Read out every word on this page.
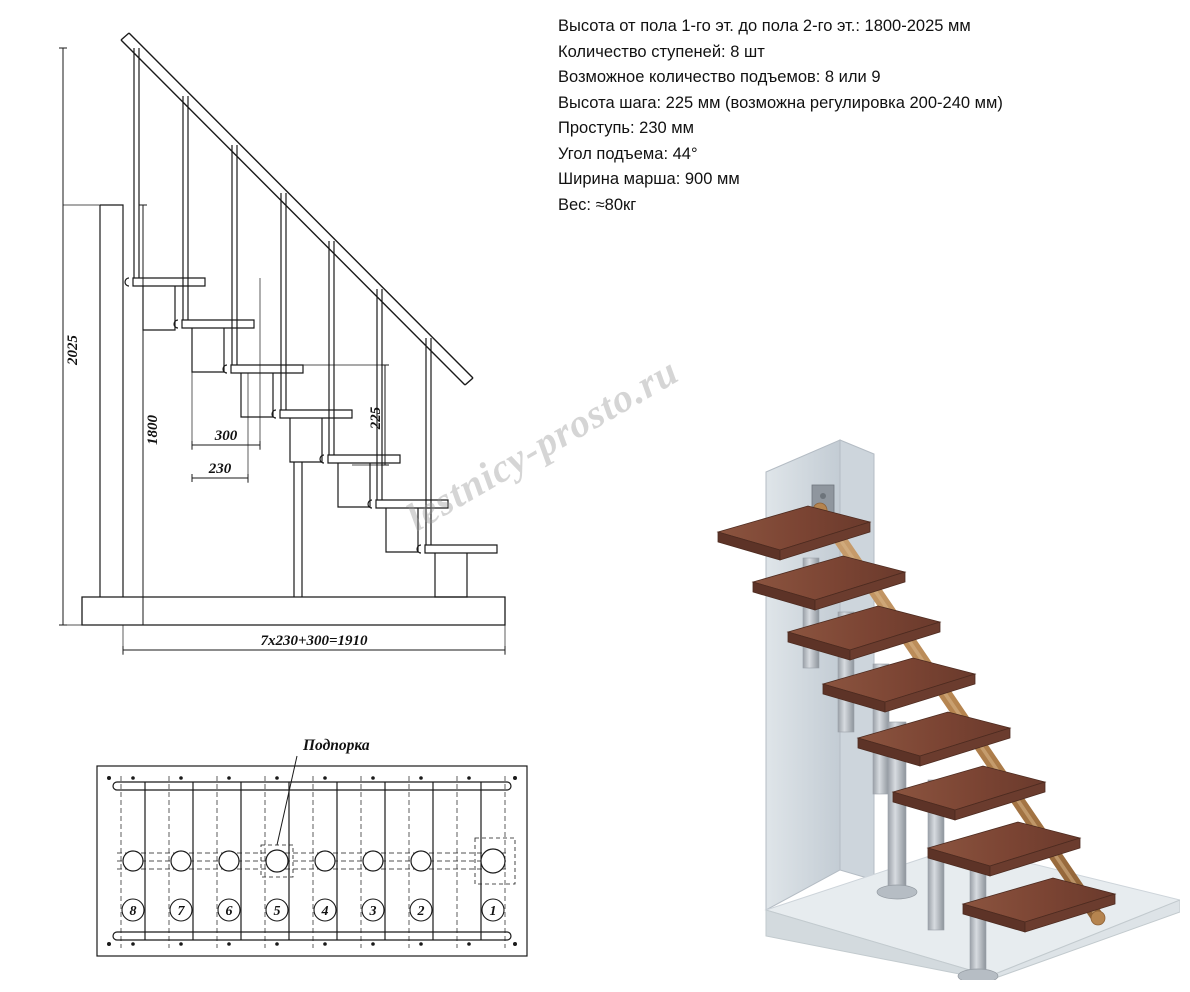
Высота от пола 1-го эт. до пола 2-го эт.: 1800-2025 мм
Количество ступеней: 8 шт
Возможное количество подъемов: 8 или 9
Высота шага: 225 мм (возможна регулировка 200-240 мм)
Проступь: 230 мм
Угол подъема: 44°
Ширина марша: 900 мм
Вес: ≈80кг
2025
1800	300
230
225
7x230+300=1910
Подпорка
8	7	6	5	4	3	2	1
lestnicy-prosto.ru
